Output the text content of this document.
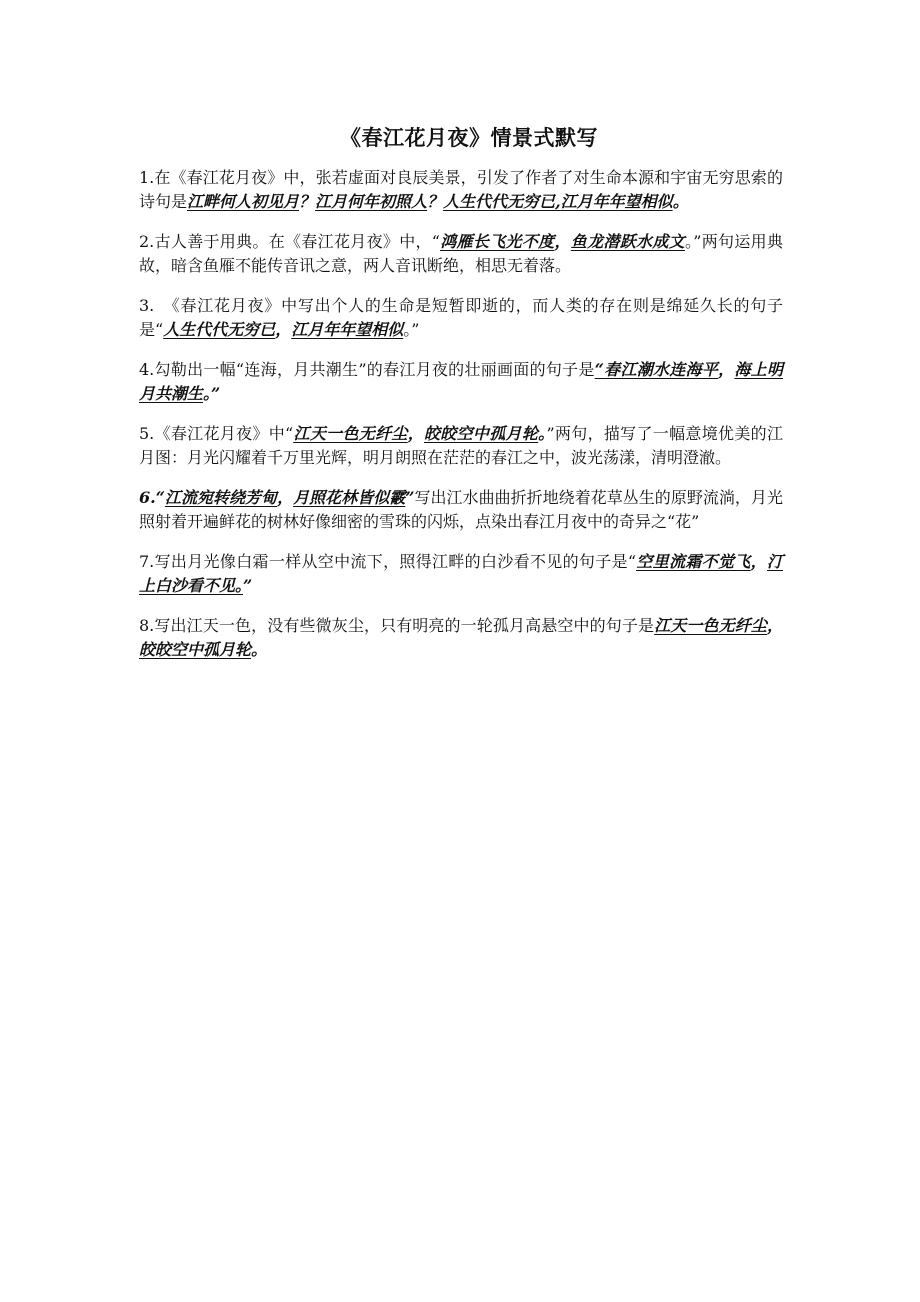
《春江花月夜》情景式默写

1.在《春江花月夜》中，张若虚面对良辰美景，引发了作者了对生命本源和宇宙无穷思索的诗句是江畔何人初见月？江月何年初照人？人生代代无穷已,江月年年望相似。

2.古人善于用典。在《春江花月夜》中，“鸿雁长飞光不度，鱼龙潜跃水成文。”两句运用典故，暗含鱼雁不能传音讯之意，两人音讯断绝，相思无着落。

3.　《春江花月夜》中写出个人的生命是短暂即逝的，而人类的存在则是绵延久长的句子是“人生代代无穷已，江月年年望相似。”

4.勾勒出一幅“连海，月共潮生”的春江月夜的壮丽画面的句子是“春江潮水连海平，海上明月共潮生。”

5.《春江花月夜》中“江天一色无纤尘，皎皎空中孤月轮。”两句，描写了一幅意境优美的江月图：月光闪耀着千万里光辉，明月朗照在茫茫的春江之中，波光荡漾，清明澄澈。

6.“江流宛转绕芳甸，月照花林皆似霰”写出江水曲曲折折地绕着花草丛生的原野流淌，月光照射着开遍鲜花的树林好像细密的雪珠的闪烁，点染出春江月夜中的奇异之“花”

7.写出月光像白霜一样从空中流下，照得江畔的白沙看不见的句子是“空里流霜不觉飞，汀上白沙看不见。”

8.写出江天一色，没有些微灰尘，只有明亮的一轮孤月高悬空中的句子是江天一色无纤尘，皎皎空中孤月轮。
